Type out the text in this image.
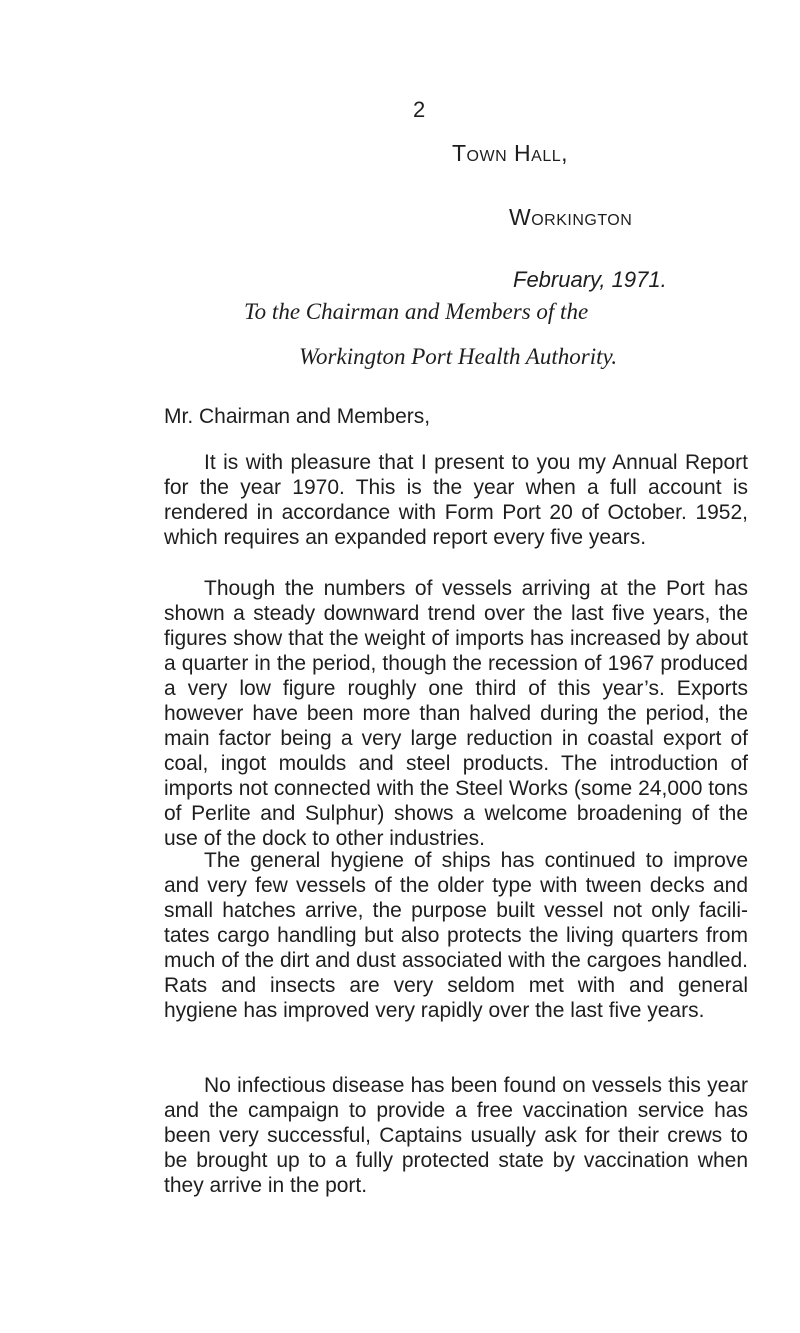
2
Town Hall,
Workington
February, 1971.
To the Chairman and Members of the
Workington Port Health Authority.
Mr. Chairman and Members,

It is with pleasure that I present to you my Annual Report for the year 1970. This is the year when a full account is rendered in accordance with Form Port 20 of October. 1952, which requires an expanded report every five years.

Though the numbers of vessels arriving at the Port has shown a steady downward trend over the last five years, the figures show that the weight of imports has increased by about a quarter in the period, though the recession of 1967 produced a very low figure roughly one third of this year’s. Exports however have been more than halved during the period, the main factor being a very large reduction in coastal export of coal, ingot moulds and steel products. The introduction of imports not connected with the Steel Works (some 24,000 tons of Perlite and Sulphur) shows a welcome broadening of the use of the dock to other industries.

The general hygiene of ships has continued to improve and very few vessels of the older type with tween decks and small hatches arrive, the purpose built vessel not only facili- tates cargo handling but also protects the living quarters from much of the dirt and dust associated with the cargoes handled. Rats and insects are very seldom met with and general hygiene has improved very rapidly over the last five years.

No infectious disease has been found on vessels this year and the campaign to provide a free vaccination service has been very successful, Captains usually ask for their crews to be brought up to a fully protected state by vaccination when they arrive in the port.
